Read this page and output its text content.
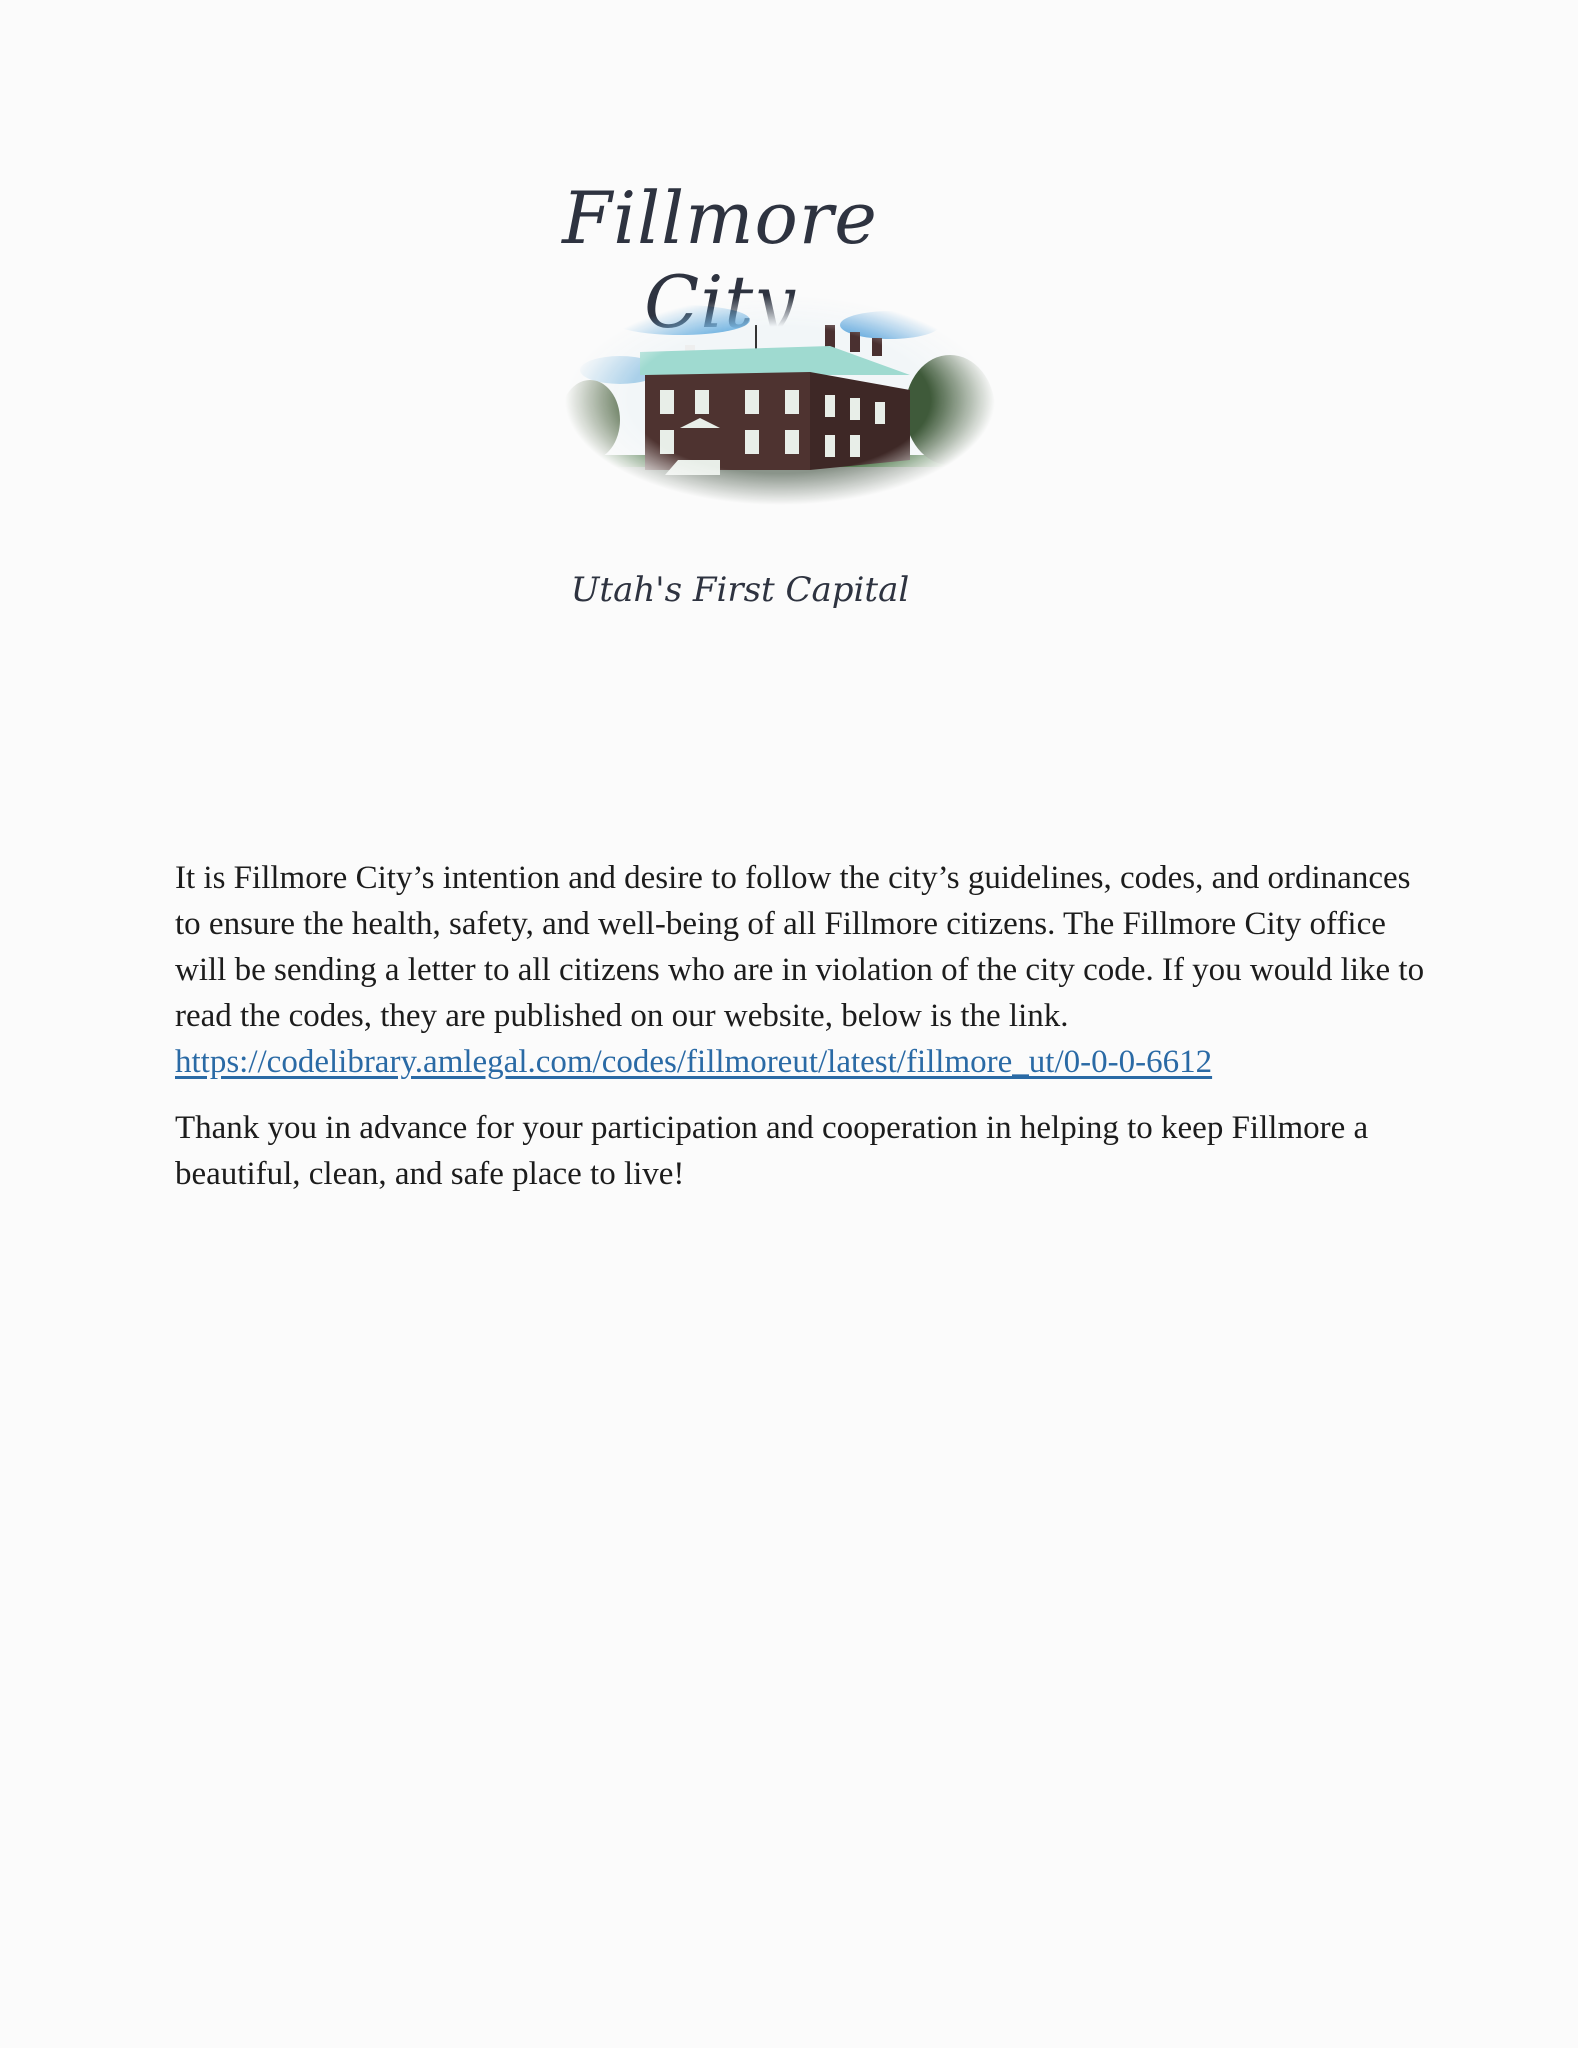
Fillmore
Utah's First Capital

It is Fillmore City’s intention and desire to follow the city’s guidelines, codes, and ordinances to ensure the health, safety, and well-being of all Fillmore citizens. The Fillmore City office will be sending a letter to all citizens who are in violation of the city code. If you would like to read the codes, they are published on our website, below is the link.

https://codelibrary.amlegal.com/codes/fillmoreut/latest/fillmore_ut/0-0-0-6612

Thank you in advance for your participation and cooperation in helping to keep Fillmore a beautiful, clean, and safe place to live!
